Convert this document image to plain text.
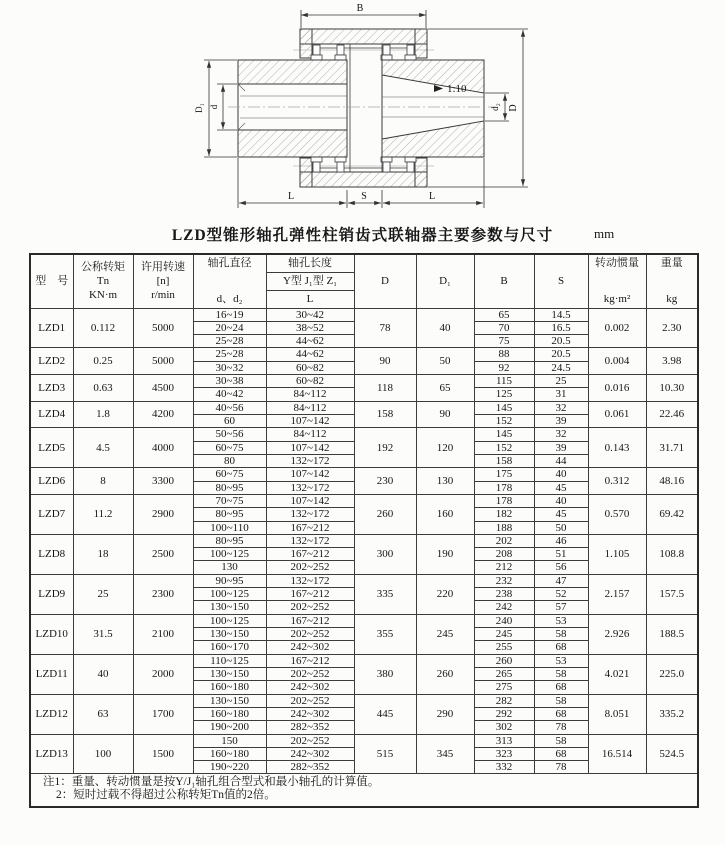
1:10
B
D
d₂
D₁ d
L	S	L
LZD型锥形轴孔弹性柱销齿式联轴器主要参数与尺寸	mm
型　号	公称转矩
Tn
KN·m	许用转速
[n]
r/min	轴孔直径
d、d₂	轴孔长度	D	D₁	B	S	转动惯量
kg·m²	重量
kg

				Y型 J₁型 Z₁						
				L						
LZD1	0.112	5000	16~19	30~42	78	40	65	14.5	0.002	2.30
			20~24	38~52			70	16.5		
			25~28	44~62			75	20.5		
LZD2	0.25	5000	25~28	44~62	90	50	88	20.5	0.004	3.98
			30~32	60~82			92	24.5		
LZD3	0.63	4500	30~38	60~82	118	65	115	25	0.016	10.30
			40~42	84~112			125	31		
LZD4	1.8	4200	40~56	84~112	158	90	145	32	0.061	22.46
			60	107~142			152	39		
LZD5	4.5	4000	50~56	84~112	192	120	145	32	0.143	31.71
			60~75	107~142			152	39		
			80	132~172			158	44		
LZD6	8	3300	60~75	107~142	230	130	175	40	0.312	48.16
			80~95	132~172			178	45		
LZD7	11.2	2900	70~75	107~142	260	160	178	40	0.570	69.42
			80~95	132~172			182	45		
			100~110	167~212			188	50		
LZD8	18	2500	80~95	132~172	300	190	202	46	1.105	108.8
			100~125	167~212			208	51		
			130	202~252			212	56		
LZD9	25	2300	90~95	132~172	335	220	232	47	2.157	157.5
			100~125	167~212			238	52		
			130~150	202~252			242	57		
LZD10	31.5	2100	100~125	167~212	355	245	240	53	2.926	188.5
			130~150	202~252			245	58		
			160~170	242~302			255	68		
LZD11	40	2000	110~125	167~212	380	260	260	53	4.021	225.0
			130~150	202~252			265	58		
			160~180	242~302			275	68		
LZD12	63	1700	130~150	202~252	445	290	282	58	8.051	335.2
			160~180	242~302			292	68		
			190~200	282~352			302	78		
LZD13	100	1500	150	202~252	515	345	313	58	16.514	524.5
			160~180	242~302			323	68		
			190~220	282~352			332	78		

注1：重量、转动惯量是按Y/J₁轴孔组合型式和最小轴孔的计算值。
2：短时过载不得超过公称转矩Tn值的2倍。										
